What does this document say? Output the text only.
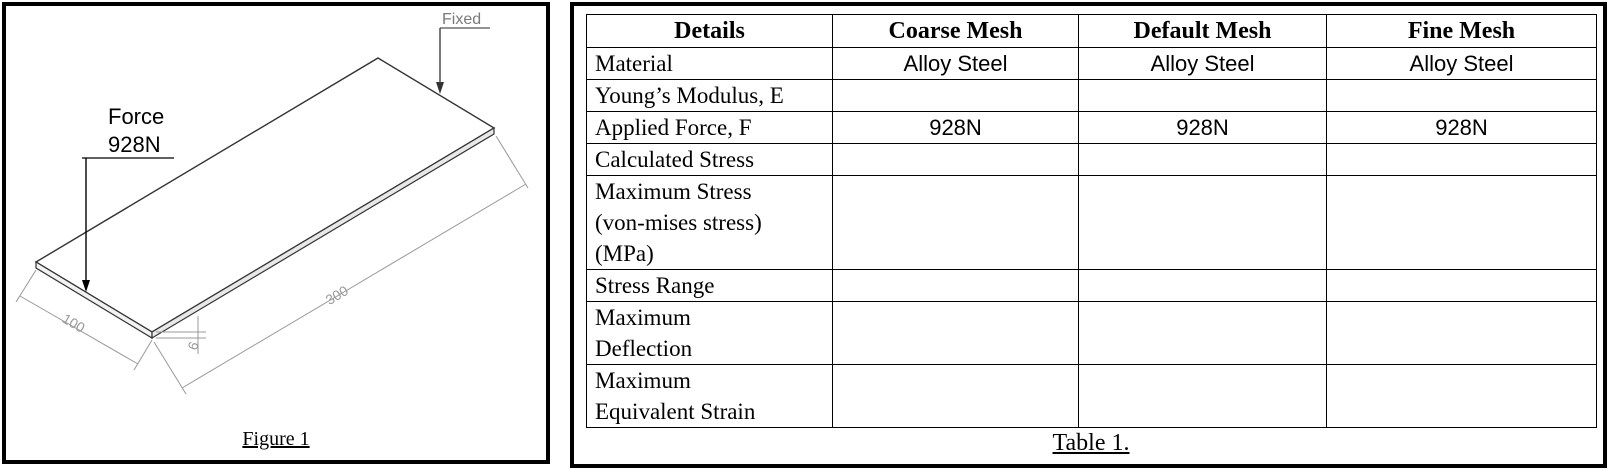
Force
928N
Fixed
100
300
6
Figure 1
Details	Coarse Mesh	Default Mesh	Fine Mesh
Material	Alloy Steel	Alloy Steel	Alloy Steel
Young’s Modulus, E			
Applied Force, F	928N	928N	928N
Calculated Stress			

Maximum Stress (von-mises stress) (MPa)			

Stress Range			

Maximum Deflection			

Maximum Equivalent Strain			

Table 1.
